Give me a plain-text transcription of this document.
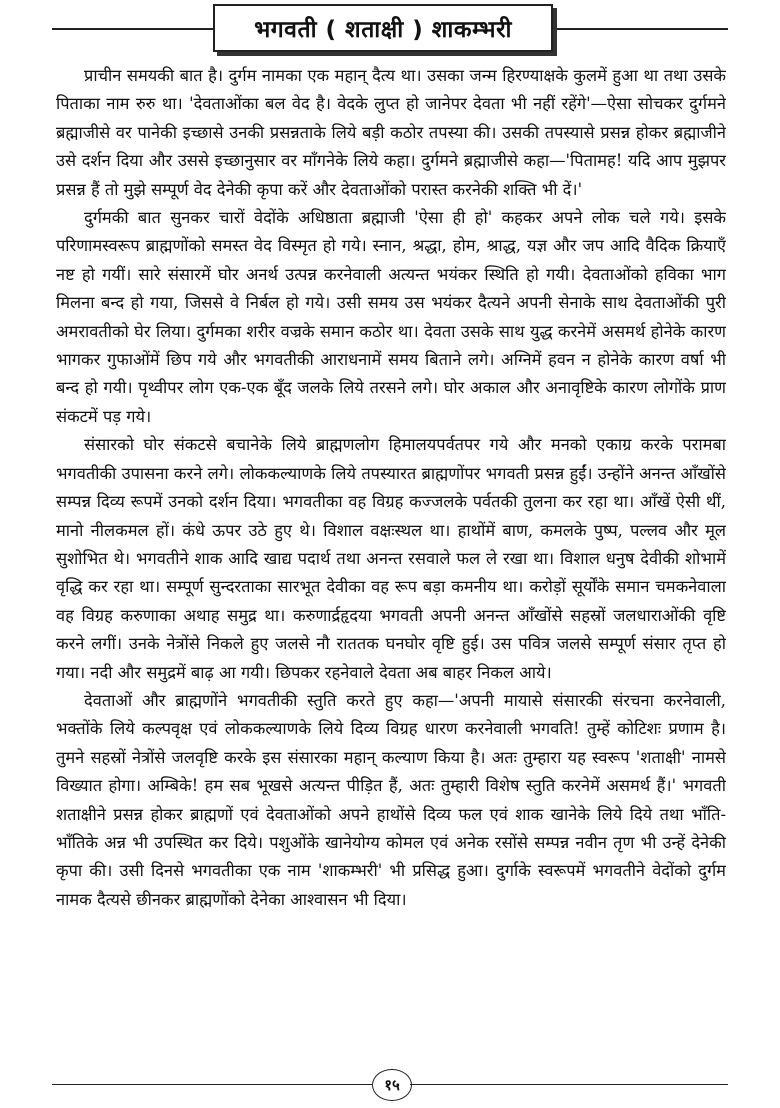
भगवती ( शताक्षी ) शाकम्भरी

प्राचीन समयकी बात है। दुर्गम नामका एक महान् दैत्य था। उसका जन्म हिरण्याक्षके कुलमें हुआ था तथा उसके पिताका नाम रुरु था। 'देवताओंका बल वेद है। वेदके लुप्त हो जानेपर देवता भी नहीं रहेंगे'—ऐसा सोचकर दुर्गमने ब्रह्माजीसे वर पानेकी इच्छासे उनकी प्रसन्नताके लिये बड़ी कठोर तपस्या की। उसकी तपस्यासे प्रसन्न होकर ब्रह्माजीने उसे दर्शन दिया और उससे इच्छानुसार वर माँगनेके लिये कहा। दुर्गमने ब्रह्माजीसे कहा—'पितामह! यदि आप मुझपर प्रसन्न हैं तो मुझे सम्पूर्ण वेद देनेकी कृपा करें और देवताओंको परास्त करनेकी शक्ति भी दें।'

दुर्गमकी बात सुनकर चारों वेदोंके अधिष्ठाता ब्रह्माजी 'ऐसा ही हो' कहकर अपने लोक चले गये। इसके परिणामस्वरूप ब्राह्मणोंको समस्त वेद विस्मृत हो गये। स्नान, श्रद्धा, होम, श्राद्ध, यज्ञ और जप आदि वैदिक क्रियाएँ नष्ट हो गयीं। सारे संसारमें घोर अनर्थ उत्पन्न करनेवाली अत्यन्त भयंकर स्थिति हो गयी। देवताओंको हविका भाग मिलना बन्द हो गया, जिससे वे निर्बल हो गये। उसी समय उस भयंकर दैत्यने अपनी सेनाके साथ देवताओंकी पुरी अमरावतीको घेर लिया। दुर्गमका शरीर वज्रके समान कठोर था। देवता उसके साथ युद्ध करनेमें असमर्थ होनेके कारण भागकर गुफाओंमें छिप गये और भगवतीकी आराधनामें समय बिताने लगे। अग्निमें हवन न होनेके कारण वर्षा भी बन्द हो गयी। पृथ्वीपर लोग एक-एक बूँद जलके लिये तरसने लगे। घोर अकाल और अनावृष्टिके कारण लोगोंके प्राण संकटमें पड़ गये।

संसारको घोर संकटसे बचानेके लिये ब्राह्मणलोग हिमालयपर्वतपर गये और मनको एकाग्र करके परामबा भगवतीकी उपासना करने लगे। लोककल्याणके लिये तपस्यारत ब्राह्मणोंपर भगवती प्रसन्न हुईं। उन्होंने अनन्त आँखोंसे सम्पन्न दिव्य रूपमें उनको दर्शन दिया। भगवतीका वह विग्रह कज्जलके पर्वतकी तुलना कर रहा था। आँखें ऐसी थीं, मानो नीलकमल हों। कंधे ऊपर उठे हुए थे। विशाल वक्षःस्थल था। हाथोंमें बाण, कमलके पुष्प, पल्लव और मूल सुशोभित थे। भगवतीने शाक आदि खाद्य पदार्थ तथा अनन्त रसवाले फल ले रखा था। विशाल धनुष देवीकी शोभामें वृद्धि कर रहा था। सम्पूर्ण सुन्दरताका सारभूत देवीका वह रूप बड़ा कमनीय था। करोड़ों सूर्योंके समान चमकनेवाला वह विग्रह करुणाका अथाह समुद्र था। करुणार्द्रहृदया भगवती अपनी अनन्त आँखोंसे सहस्रों जलधाराओंकी वृष्टि करने लगीं। उनके नेत्रोंसे निकले हुए जलसे नौ राततक घनघोर वृष्टि हुई। उस पवित्र जलसे सम्पूर्ण संसार तृप्त हो गया। नदी और समुद्रमें बाढ़ आ गयी। छिपकर रहनेवाले देवता अब बाहर निकल आये।

देवताओं और ब्राह्मणोंने भगवतीकी स्तुति करते हुए कहा—'अपनी मायासे संसारकी संरचना करनेवाली, भक्तोंके लिये कल्पवृक्ष एवं लोककल्याणके लिये दिव्य विग्रह धारण करनेवाली भगवति! तुम्हें कोटिशः प्रणाम है। तुमने सहस्रों नेत्रोंसे जलवृष्टि करके इस संसारका महान् कल्याण किया है। अतः तुम्हारा यह स्वरूप 'शताक्षी' नामसे विख्यात होगा। अम्बिके! हम सब भूखसे अत्यन्त पीड़ित हैं, अतः तुम्हारी विशेष स्तुति करनेमें असमर्थ हैं।' भगवती शताक्षीने प्रसन्न होकर ब्राह्मणों एवं देवताओंको अपने हाथोंसे दिव्य फल एवं शाक खानेके लिये दिये तथा भाँति-भाँतिके अन्न भी उपस्थित कर दिये। पशुओंके खानेयोग्य कोमल एवं अनेक रसोंसे सम्पन्न नवीन तृण भी उन्हें देनेकी कृपा की। उसी दिनसे भगवतीका एक नाम 'शाकम्भरी' भी प्रसिद्ध हुआ। दुर्गाके स्वरूपमें भगवतीने वेदोंको दुर्गम नामक दैत्यसे छीनकर ब्राह्मणोंको देनेका आश्वासन भी दिया।

१५
